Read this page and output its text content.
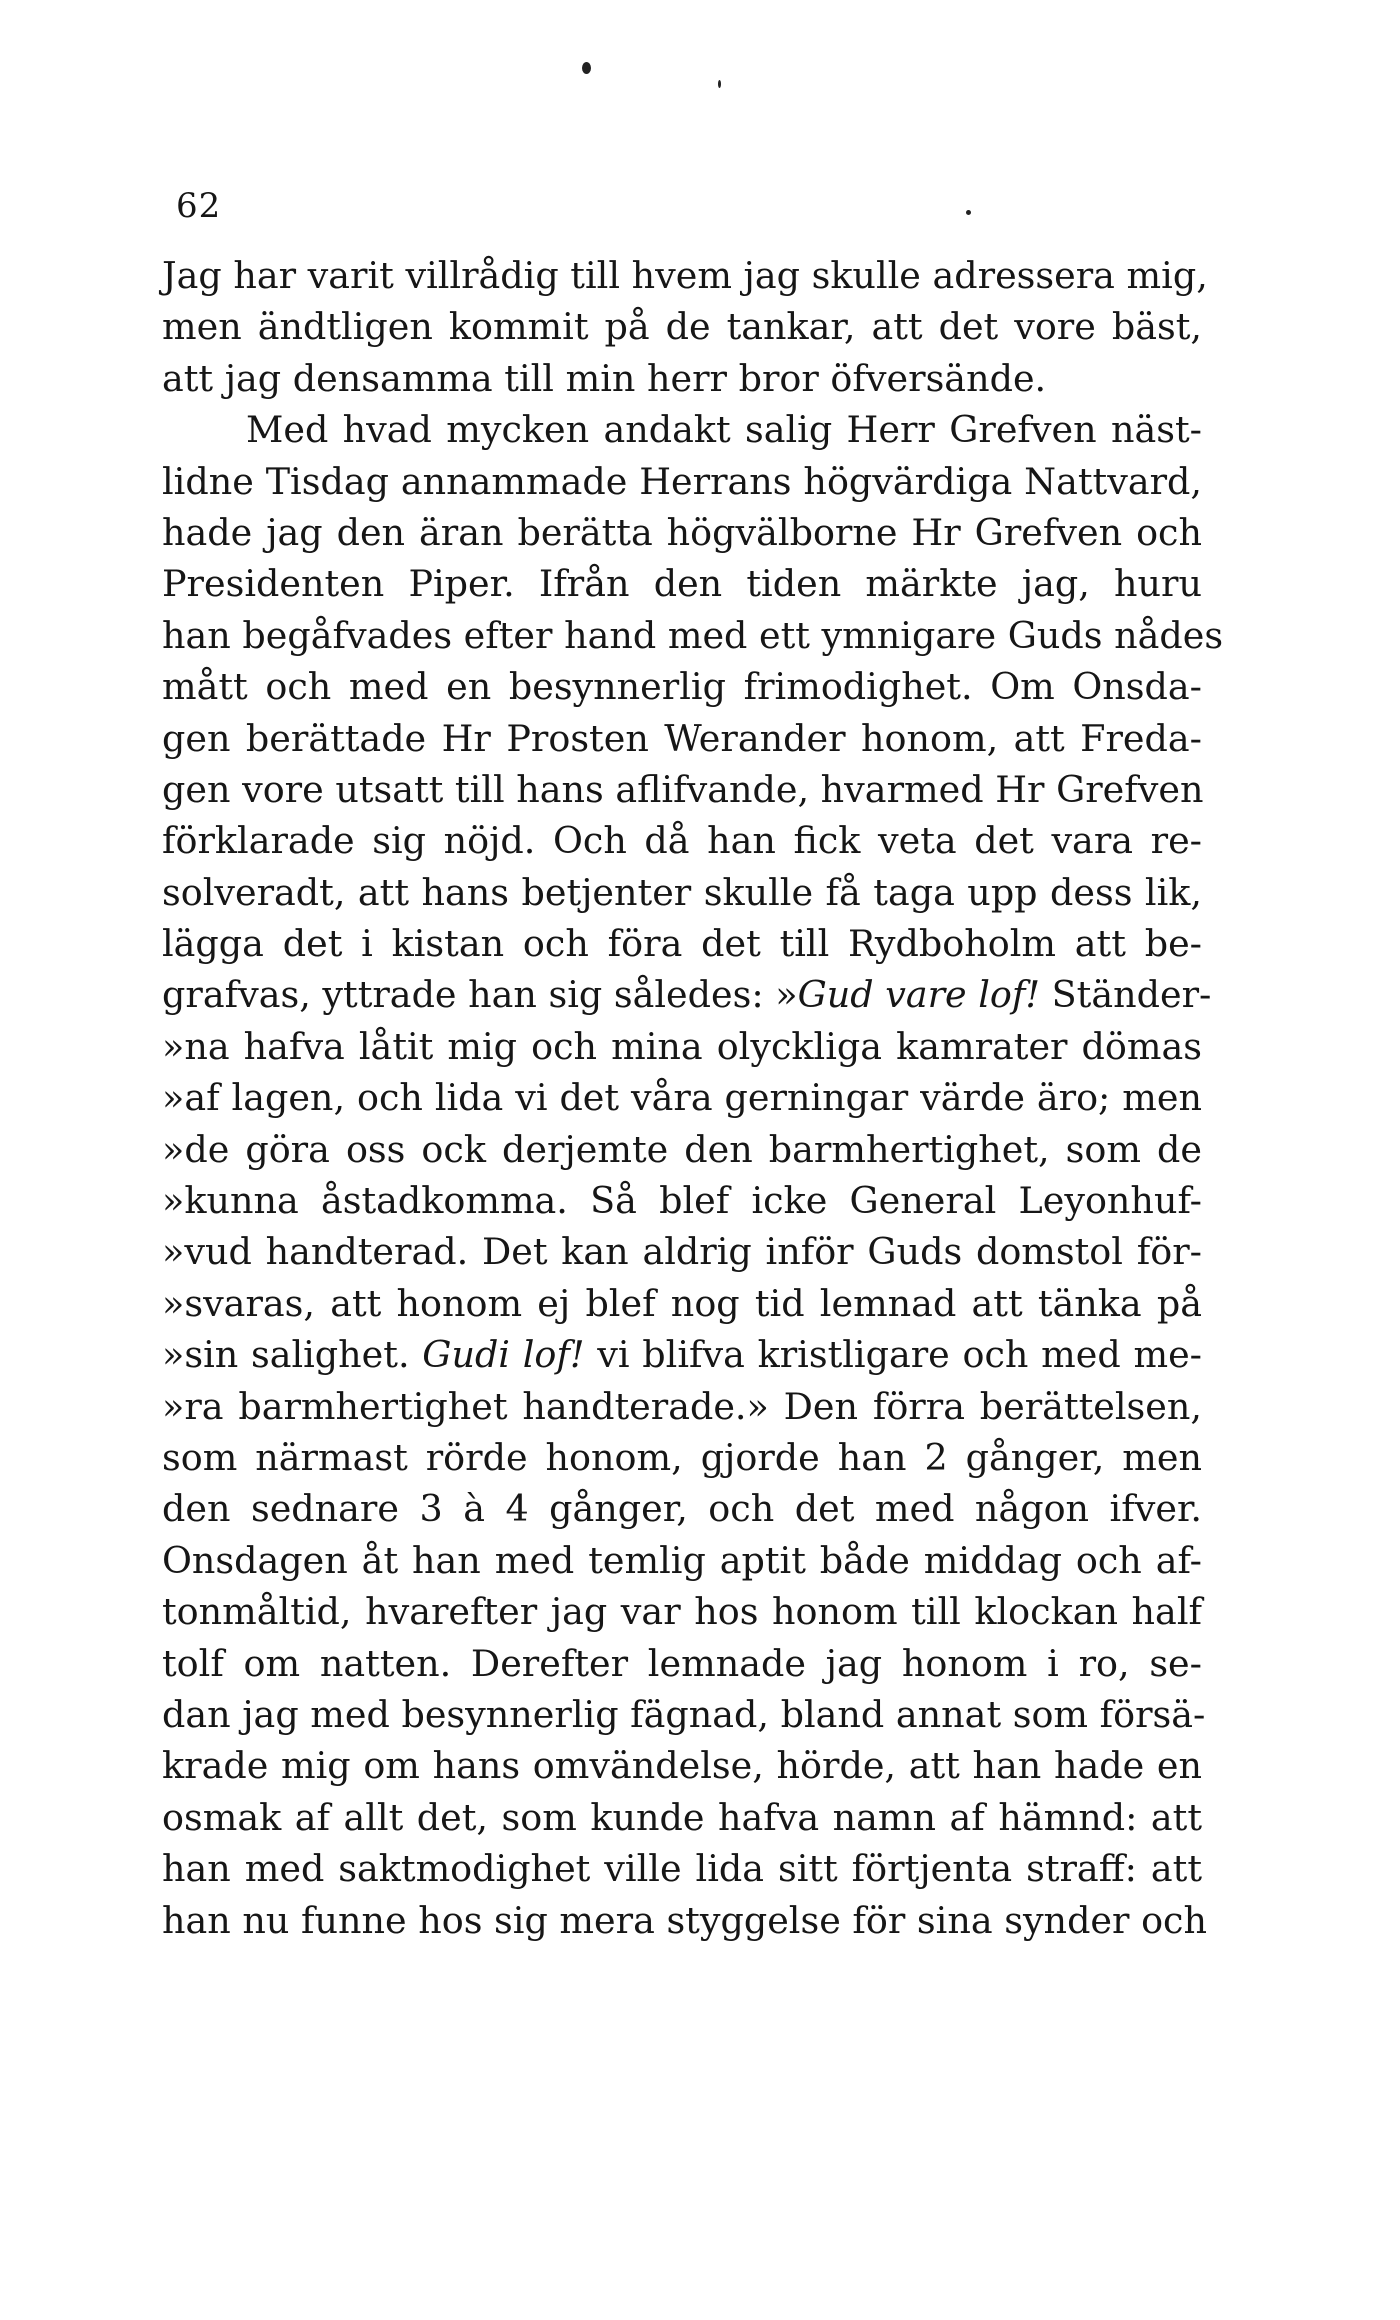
62
Jag har varit villrådig till hvem jag skulle adressera mig,
men ändtligen kommit på de tankar, att det vore bäst,
att jag densamma till min herr bror öfversände.
Med hvad mycken andakt salig Herr Grefven näst-
lidne Tisdag annammade Herrans högvärdiga Nattvard,
hade jag den äran berätta högvälborne Hr Grefven och
Presidenten Piper. Ifrån den tiden märkte jag, huru
han begåfvades efter hand med ett ymnigare Guds nådes
mått och med en besynnerlig frimodighet. Om Onsda-
gen berättade Hr Prosten Werander honom, att Freda-
gen vore utsatt till hans aflifvande, hvarmed Hr Grefven
förklarade sig nöjd. Och då han fick veta det vara re-
solveradt, att hans betjenter skulle få taga upp dess lik,
lägga det i kistan och föra det till Rydboholm att be-
grafvas, yttrade han sig således: »Gud vare lof! Ständer-
»na hafva låtit mig och mina olyckliga kamrater dömas
»af lagen, och lida vi det våra gerningar värde äro; men
»de göra oss ock derjemte den barmhertighet, som de
»kunna åstadkomma. Så blef icke General Leyonhuf-
»vud handterad. Det kan aldrig inför Guds domstol för-
»svaras, att honom ej blef nog tid lemnad att tänka på
»sin salighet. Gudi lof! vi blifva kristligare och med me-
»ra barmhertighet handterade.» Den förra berättelsen,
som närmast rörde honom, gjorde han 2 gånger, men
den sednare 3 à 4 gånger, och det med någon ifver.
Onsdagen åt han med temlig aptit både middag och af-
tonmåltid, hvarefter jag var hos honom till klockan half
tolf om natten. Derefter lemnade jag honom i ro, se-
dan jag med besynnerlig fägnad, bland annat som försä-
krade mig om hans omvändelse, hörde, att han hade en
osmak af allt det, som kunde hafva namn af hämnd: att
han med saktmodighet ville lida sitt förtjenta straff: att
han nu funne hos sig mera styggelse för sina synder och
